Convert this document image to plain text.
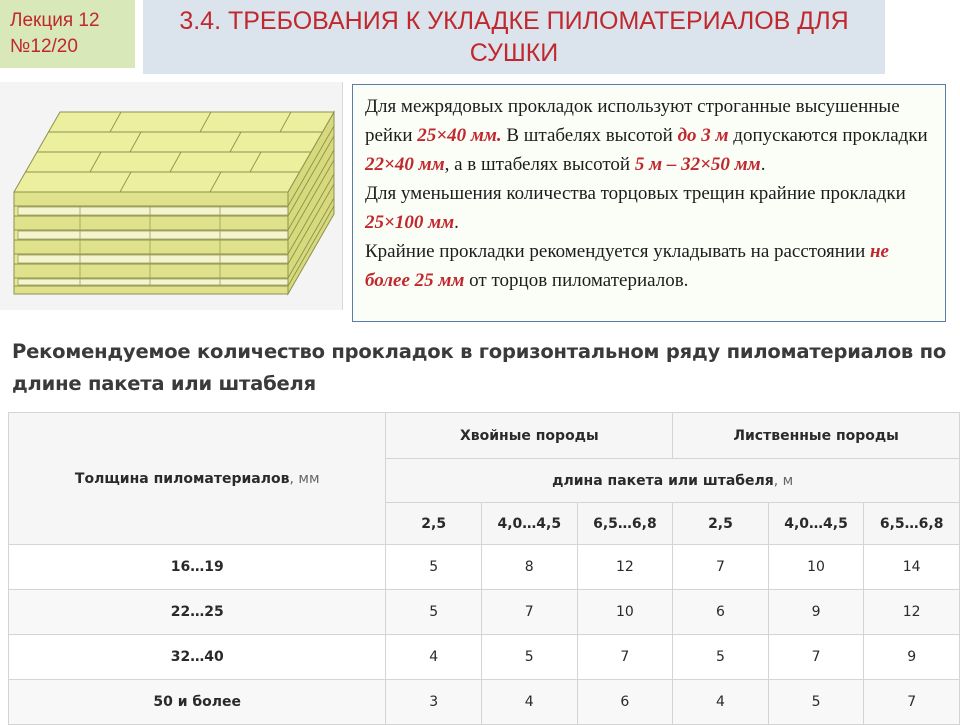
Лекция 12
№12/20
3.4. ТРЕБОВАНИЯ К УКЛАДКЕ ПИЛОМАТЕРИАЛОВ ДЛЯ СУШКИ

Для межрядовых прокладок используют строганные высушенные рейки 25×40 мм. В штабелях высотой до 3 м допускаются прокладки 22×40 мм, а в штабелях высотой 5 м – 32×50 мм.

Для уменьшения количества торцовых трещин крайние прокладки 25×100 мм.

Крайние прокладки рекомендуется укладывать на расстоянии не более 25 мм от торцов пиломатериалов.

Рекомендуемое количество прокладок в горизонтальном ряду пиломатериалов по длине пакета или штабеля
Толщина пиломатериалов, мм	Хвойные породы			Лиственные породы		
	длина пакета или штабеля, м					
	2,5	4,0…4,5	6,5…6,8	2,5	4,0…4,5	6,5…6,8
16…19	5	8	12	7	10	14
22…25	5	7	10	6	9	12
32…40	4	5	7	5	7	9
50 и более	3	4	6	4	5	7
